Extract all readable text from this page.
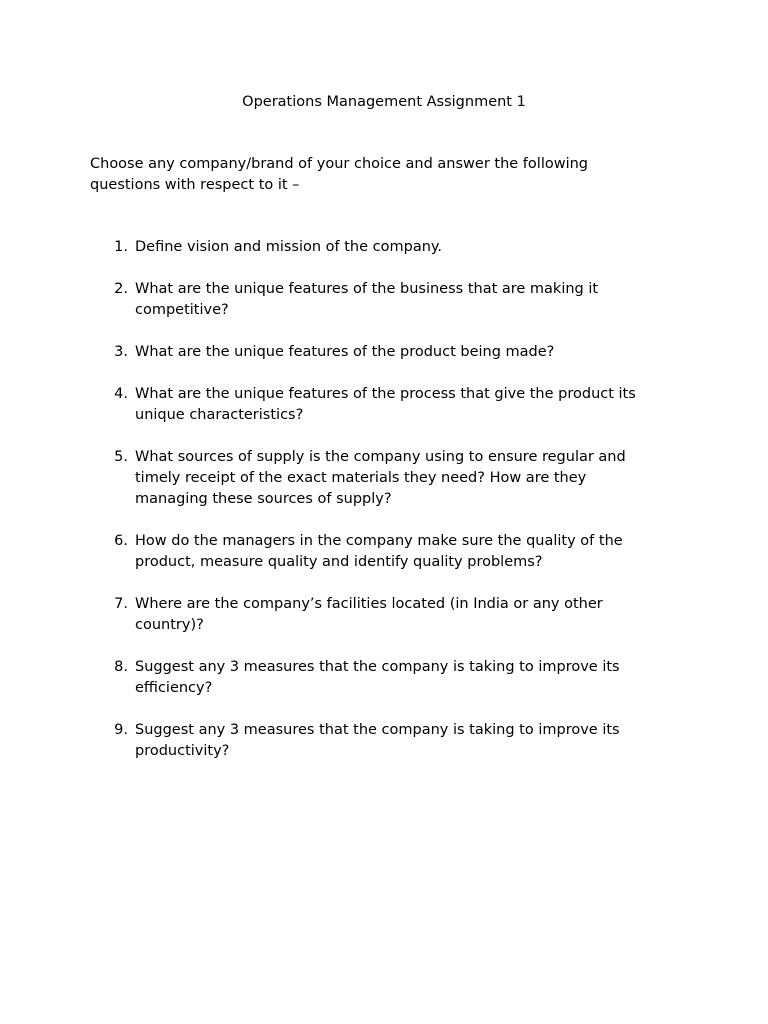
Operations Management Assignment 1
Choose any company/brand of your choice and answer the following
questions with respect to it –
1. Define vision and mission of the company.
2. What are the unique features of the business that are making it
competitive?
3. What are the unique features of the product being made?
4. What are the unique features of the process that give the product its
unique characteristics?
5. What sources of supply is the company using to ensure regular and
timely receipt of the exact materials they need? How are they
managing these sources of supply?
6. How do the managers in the company make sure the quality of the
product, measure quality and identify quality problems?
7. Where are the company’s facilities located (in India or any other
country)?
8. Suggest any 3 measures that the company is taking to improve its
efficiency?
9. Suggest any 3 measures that the company is taking to improve its
productivity?
